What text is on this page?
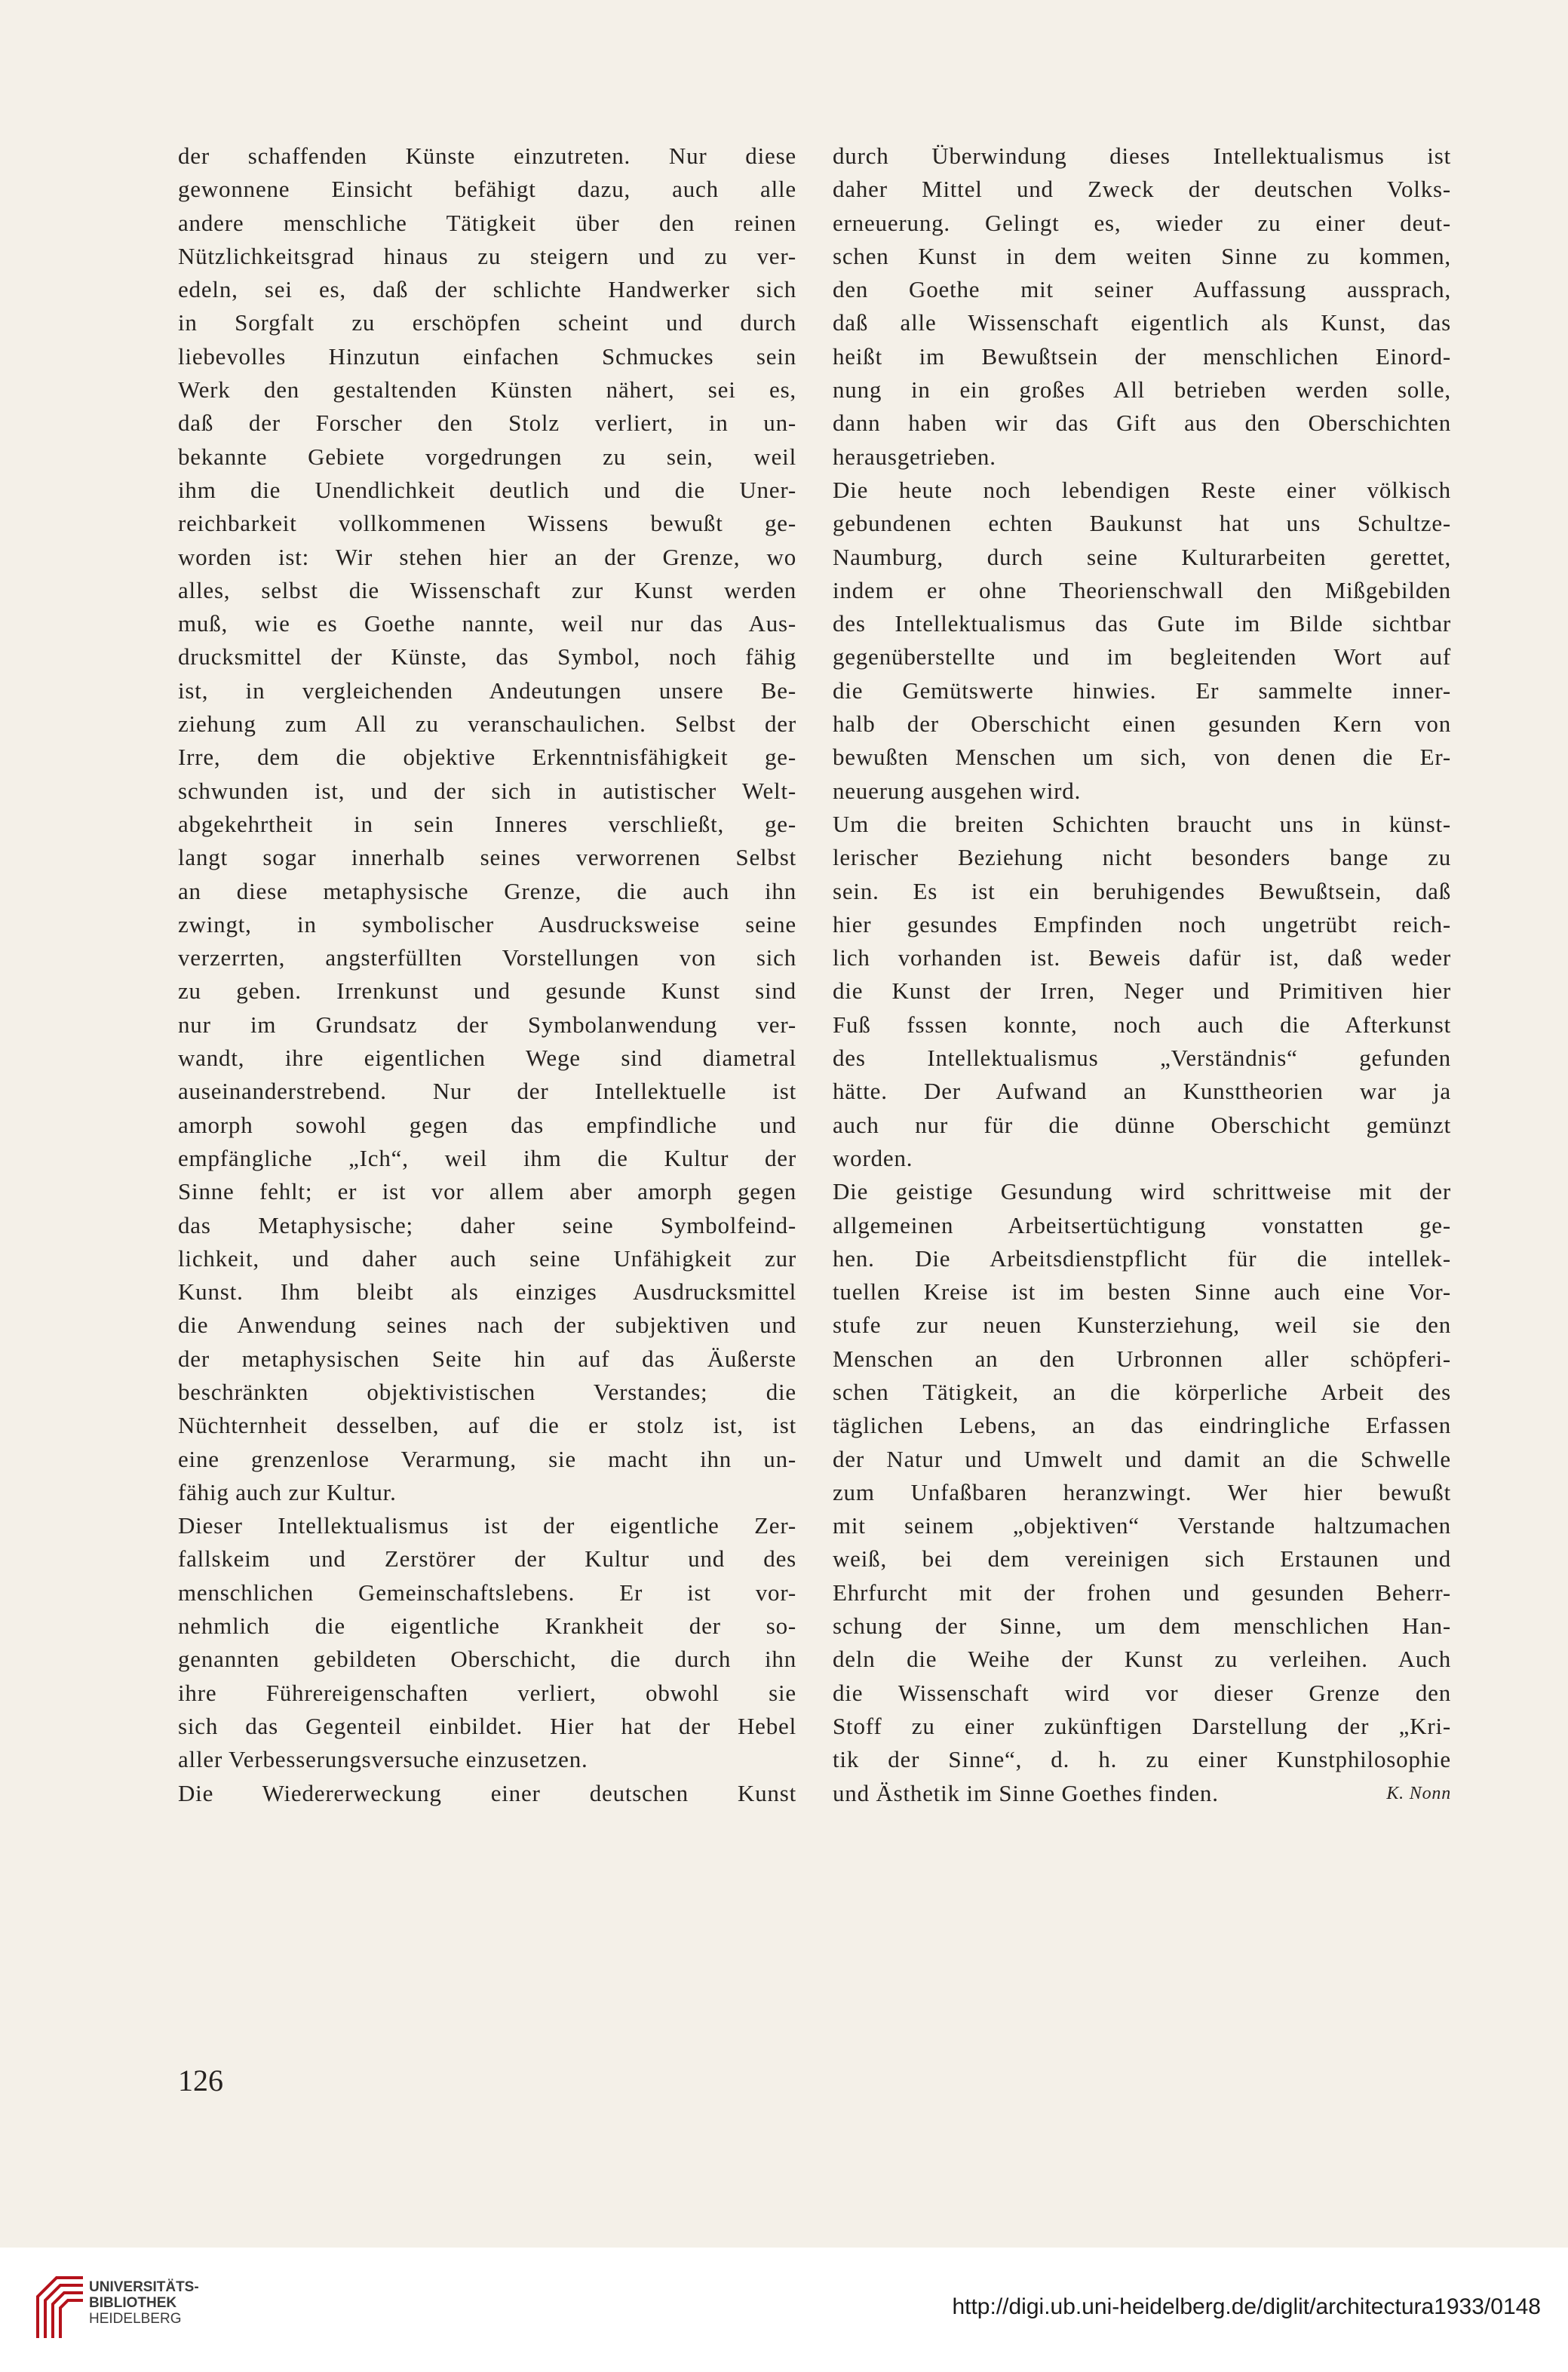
der schaffenden Künste einzutreten. Nur diese
gewonnene Einsicht befähigt dazu, auch alle
andere menschliche Tätigkeit über den reinen
Nützlichkeitsgrad hinaus zu steigern und zu ver-
edeln, sei es, daß der schlichte Handwerker sich
in Sorgfalt zu erschöpfen scheint und durch
liebevolles Hinzutun einfachen Schmuckes sein
Werk den gestaltenden Künsten nähert, sei es,
daß der Forscher den Stolz verliert, in un-
bekannte Gebiete vorgedrungen zu sein, weil
ihm die Unendlichkeit deutlich und die Uner-
reichbarkeit vollkommenen Wissens bewußt ge-
worden ist: Wir stehen hier an der Grenze, wo
alles, selbst die Wissenschaft zur Kunst werden
muß, wie es Goethe nannte, weil nur das Aus-
drucksmittel der Künste, das Symbol, noch fähig
ist, in vergleichenden Andeutungen unsere Be-
ziehung zum All zu veranschaulichen. Selbst der
Irre, dem die objektive Erkenntnisfähigkeit ge-
schwunden ist, und der sich in autistischer Welt-
abgekehrtheit in sein Inneres verschließt, ge-
langt sogar innerhalb seines verworrenen Selbst
an diese metaphysische Grenze, die auch ihn
zwingt, in symbolischer Ausdrucksweise seine
verzerrten, angsterfüllten Vorstellungen von sich
zu geben. Irrenkunst und gesunde Kunst sind
nur im Grundsatz der Symbolanwendung ver-
wandt, ihre eigentlichen Wege sind diametral
auseinanderstrebend. Nur der Intellektuelle ist
amorph sowohl gegen das empfindliche und
empfängliche „Ich“, weil ihm die Kultur der
Sinne fehlt; er ist vor allem aber amorph gegen
das Metaphysische; daher seine Symbolfeind-
lichkeit, und daher auch seine Unfähigkeit zur
Kunst. Ihm bleibt als einziges Ausdrucksmittel
die Anwendung seines nach der subjektiven und
der metaphysischen Seite hin auf das Äußerste
beschränkten objektivistischen Verstandes; die
Nüchternheit desselben, auf die er stolz ist, ist
eine grenzenlose Verarmung, sie macht ihn un-
fähig auch zur Kultur.
Dieser Intellektualismus ist der eigentliche Zer-
fallskeim und Zerstörer der Kultur und des
menschlichen Gemeinschaftslebens. Er ist vor-
nehmlich die eigentliche Krankheit der so-
genannten gebildeten Oberschicht, die durch ihn
ihre Führereigenschaften verliert, obwohl sie
sich das Gegenteil einbildet. Hier hat der Hebel
aller Verbesserungsversuche einzusetzen.
Die Wiedererweckung einer deutschen Kunst
durch Überwindung dieses Intellektualismus ist
daher Mittel und Zweck der deutschen Volks-
erneuerung. Gelingt es, wieder zu einer deut-
schen Kunst in dem weiten Sinne zu kommen,
den Goethe mit seiner Auffassung aussprach,
daß alle Wissenschaft eigentlich als Kunst, das
heißt im Bewußtsein der menschlichen Einord-
nung in ein großes All betrieben werden solle,
dann haben wir das Gift aus den Oberschichten
herausgetrieben.
Die heute noch lebendigen Reste einer völkisch
gebundenen echten Baukunst hat uns Schultze-
Naumburg, durch seine Kulturarbeiten gerettet,
indem er ohne Theorienschwall den Mißgebilden
des Intellektualismus das Gute im Bilde sichtbar
gegenüberstellte und im begleitenden Wort auf
die Gemütswerte hinwies. Er sammelte inner-
halb der Oberschicht einen gesunden Kern von
bewußten Menschen um sich, von denen die Er-
neuerung ausgehen wird.
Um die breiten Schichten braucht uns in künst-
lerischer Beziehung nicht besonders bange zu
sein. Es ist ein beruhigendes Bewußtsein, daß
hier gesundes Empfinden noch ungetrübt reich-
lich vorhanden ist. Beweis dafür ist, daß weder
die Kunst der Irren, Neger und Primitiven hier
Fuß fsssen konnte, noch auch die Afterkunst
des Intellektualismus „Verständnis“ gefunden
hätte. Der Aufwand an Kunsttheorien war ja
auch nur für die dünne Oberschicht gemünzt
worden.
Die geistige Gesundung wird schrittweise mit der
allgemeinen Arbeitsertüchtigung vonstatten ge-
hen. Die Arbeitsdienstpflicht für die intellek-
tuellen Kreise ist im besten Sinne auch eine Vor-
stufe zur neuen Kunsterziehung, weil sie den
Menschen an den Urbronnen aller schöpferi-
schen Tätigkeit, an die körperliche Arbeit des
täglichen Lebens, an das eindringliche Erfassen
der Natur und Umwelt und damit an die Schwelle
zum Unfaßbaren heranzwingt. Wer hier bewußt
mit seinem „objektiven“ Verstande haltzumachen
weiß, bei dem vereinigen sich Erstaunen und
Ehrfurcht mit der frohen und gesunden Beherr-
schung der Sinne, um dem menschlichen Han-
deln die Weihe der Kunst zu verleihen. Auch
die Wissenschaft wird vor dieser Grenze den
Stoff zu einer zukünftigen Darstellung der „Kri-
tik der Sinne“, d. h. zu einer Kunstphilosophie
und Ästhetik im Sinne Goethes finden.	K. Nonn
126
UNIVERSITÄTS-
BIBLIOTHEK
HEIDELBERG	http://digi.ub.uni-heidelberg.de/diglit/architectura1933/0148
